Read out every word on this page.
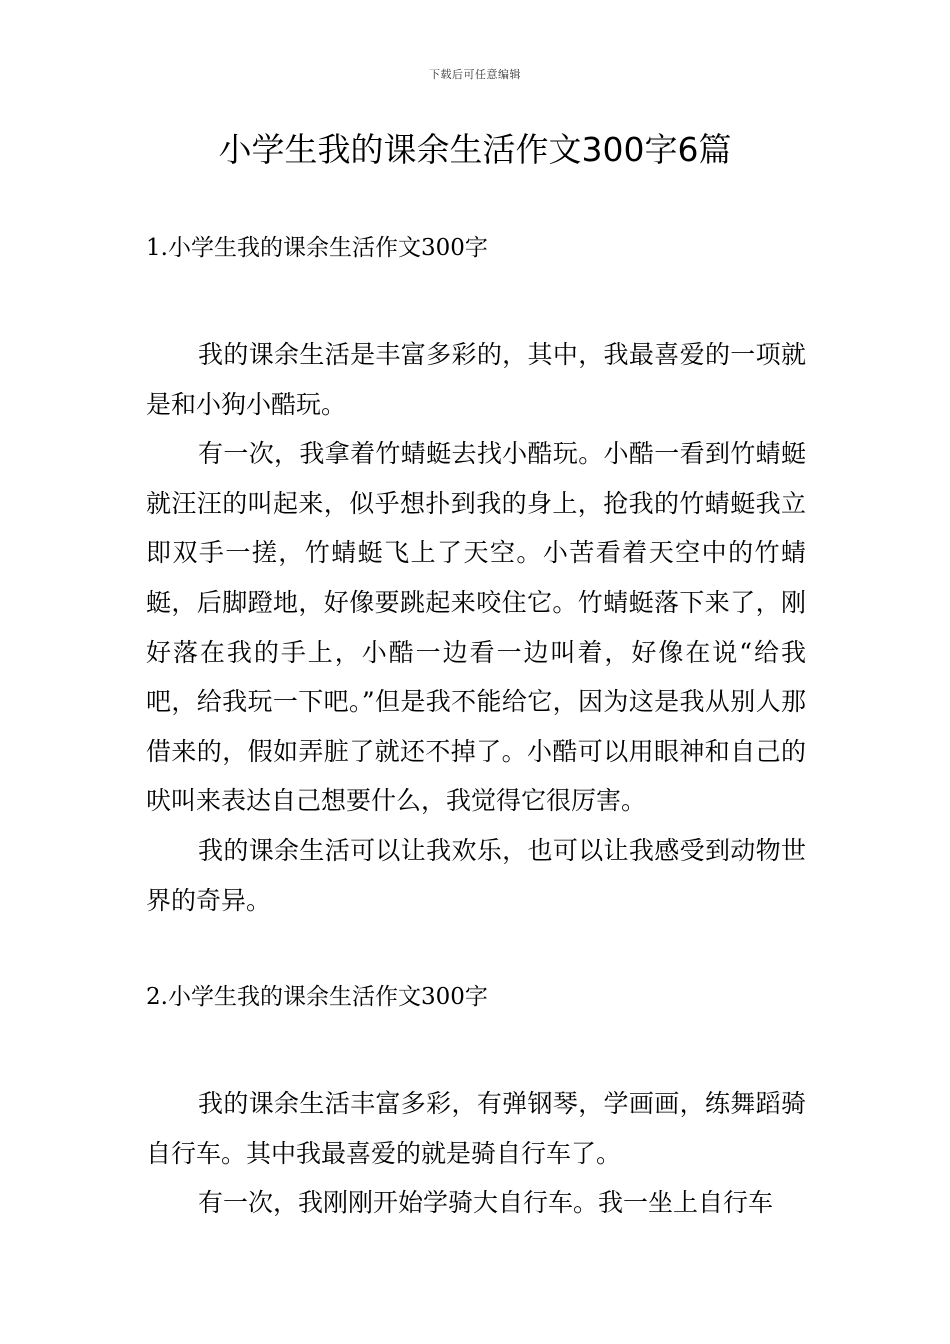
下载后可任意编辑
小学生我的课余生活作文300字6篇
1.小学生我的课余生活作文300字

我的课余生活是丰富多彩的，其中，我最喜爱的一项就是和小狗小酷玩。

有一次，我拿着竹蜻蜓去找小酷玩。小酷一看到竹蜻蜓就汪汪的叫起来，似乎想扑到我的身上，抢我的竹蜻蜓我立即双手一搓，竹蜻蜓飞上了天空。小苦看着天空中的竹蜻蜓，后脚蹬地，好像要跳起来咬住它。竹蜻蜓落下来了，刚好落在我的手上，小酷一边看一边叫着，好像在说“给我吧，给我玩一下吧。”但是我不能给它，因为这是我从别人那借来的，假如弄脏了就还不掉了。小酷可以用眼神和自己的吠叫来表达自己想要什么，我觉得它很厉害。

我的课余生活可以让我欢乐，也可以让我感受到动物世界的奇异。

2.小学生我的课余生活作文300字

我的课余生活丰富多彩，有弹钢琴，学画画，练舞蹈骑自行车。其中我最喜爱的就是骑自行车了。

有一次，我刚刚开始学骑大自行车。我一坐上自行车
